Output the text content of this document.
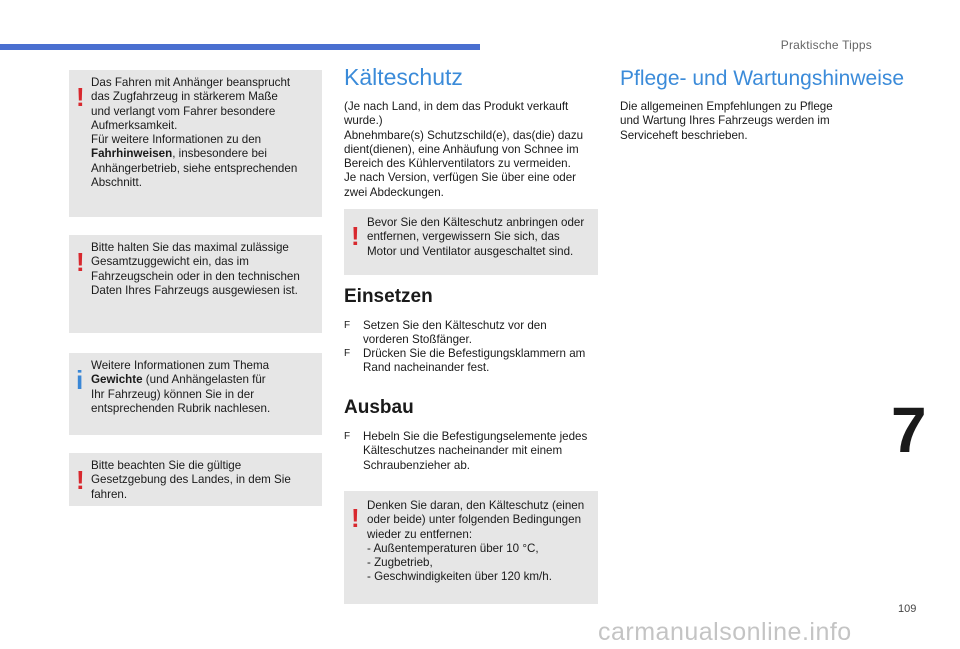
Praktische Tipps
! Das Fahren mit Anhänger beansprucht
das Zugfahrzeug in stärkerem Maße
und verlangt vom Fahrer besondere
Aufmerksamkeit.
Für weitere Informationen zu den
Fahrhinweisen, insbesondere bei
Anhängerbetrieb, siehe entsprechenden
Abschnitt.

! Bitte halten Sie das maximal zulässige
Gesamtzuggewicht ein, das im
Fahrzeugschein oder in den technischen
Daten Ihres Fahrzeugs ausgewiesen ist.

i Weitere Informationen zum Thema
Gewichte (und Anhängelasten für
Ihr Fahrzeug) können Sie in der
entsprechenden Rubrik nachlesen.

! Bitte beachten Sie die gültige
Gesetzgebung des Landes, in dem Sie
fahren.

Kälteschutz

(Je nach Land, in dem das Produkt verkauft
wurde.)
Abnehmbare(s) Schutzschild(e), das(die) dazu
dient(dienen), eine Anhäufung von Schnee im
Bereich des Kühlerventilators zu vermeiden.
Je nach Version, verfügen Sie über eine oder
zwei Abdeckungen.

! Bevor Sie den Kälteschutz anbringen oder
entfernen, vergewissern Sie sich, das
Motor und Ventilator ausgeschaltet sind.

Einsetzen
F Setzen Sie den Kälteschutz vor den
vorderen Stoßfänger.
F Drücken Sie die Befestigungsklammern am
Rand nacheinander fest.
Ausbau
F Hebeln Sie die Befestigungselemente jedes
Kälteschutzes nacheinander mit einem
Schraubenzieher ab.
! Denken Sie daran, den Kälteschutz (einen
oder beide) unter folgenden Bedingungen
wieder zu entfernen:
- Außentemperaturen über 10 °C,
- Zugbetrieb,
- Geschwindigkeiten über 120 km/h.

Pflege- und Wartungshinweise

Die allgemeinen Empfehlungen zu Pflege
und Wartung Ihres Fahrzeugs werden im
Serviceheft beschrieben.

7
109
carmanualsonline.info
